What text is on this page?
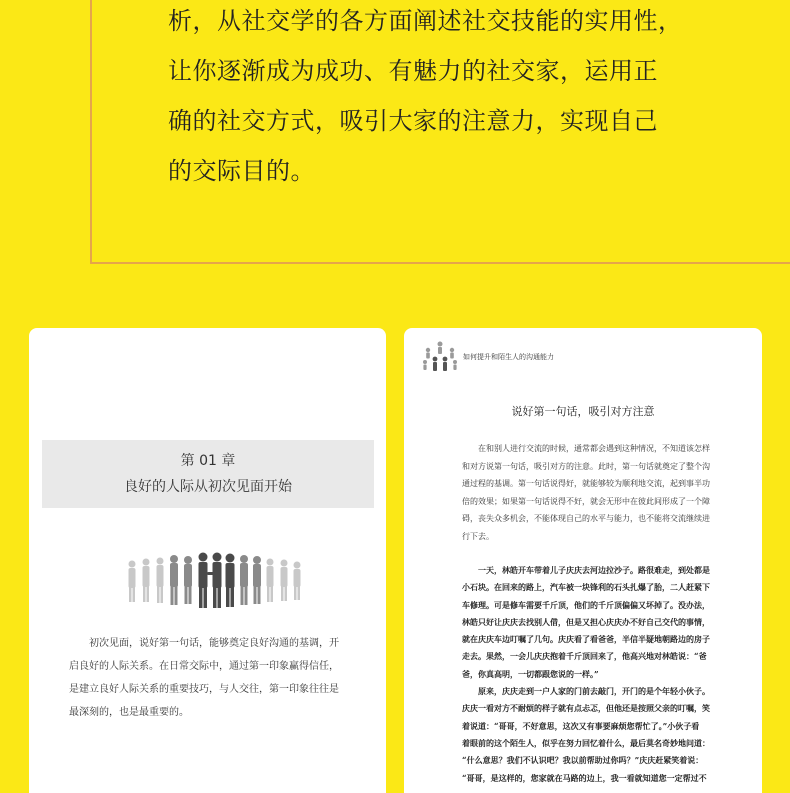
析，从社交学的各方面阐述社交技能的实用性，
让你逐渐成为成功、有魅力的社交家，运用正
确的社交方式，吸引大家的注意力，实现自己
的交际目的。
第 01 章
良好的人际从初次见面开始

　　初次见面，说好第一句话，能够奠定良好沟通的基调，开

启良好的人际关系。在日常交际中，通过第一印象赢得信任，

是建立良好人际关系的重要技巧，与人交往，第一印象往往是

最深刻的，也是最重要的。

如何提升和陌生人的沟通能力
说好第一句话，吸引对方注意

　　在和别人进行交流的时候，通常都会遇到这种情况，不知道该怎样

和对方说第一句话，吸引对方的注意。此时，第一句话就奠定了整个沟

通过程的基调。第一句话说得好，就能够较为顺利地交流，起到事半功

倍的效果；如果第一句话说得不好，就会无形中在彼此间形成了一个障

碍，丧失众多机会，不能体现自己的水平与能力，也不能将交流继续进

行下去。

　　一天，林皓开车带着儿子庆庆去河边拉沙子。路很难走，到处都是

小石块。在回来的路上，汽车被一块锋利的石头扎爆了胎，二人赶紧下

车修理。可是修车需要千斤顶，他们的千斤顶偏偏又坏掉了。没办法，

林皓只好让庆庆去找别人借，但是又担心庆庆办不好自己交代的事情，

就在庆庆车边叮嘱了几句。庆庆看了看爸爸，半信半疑地朝路边的房子

走去。果然，一会儿庆庆抱着千斤顶回来了，他高兴地对林皓说：“爸

爸，你真高明，一切都跟您说的一样。”

　　原来，庆庆走到一户人家的门前去敲门，开门的是个年轻小伙子。

庆庆一看对方不耐烦的样子就有点忐忑，但他还是按照父亲的叮嘱，笑

着说道：“哥哥，不好意思，这次又有事要麻烦您帮忙了。”小伙子看

着眼前的这个陌生人，似乎在努力回忆着什么，最后莫名奇妙地问道：

“什么意思？我们不认识吧？我以前帮助过你吗？”庆庆赶紧笑着说：

“哥哥，是这样的，您家就在马路的边上，我一看就知道您一定帮过不
